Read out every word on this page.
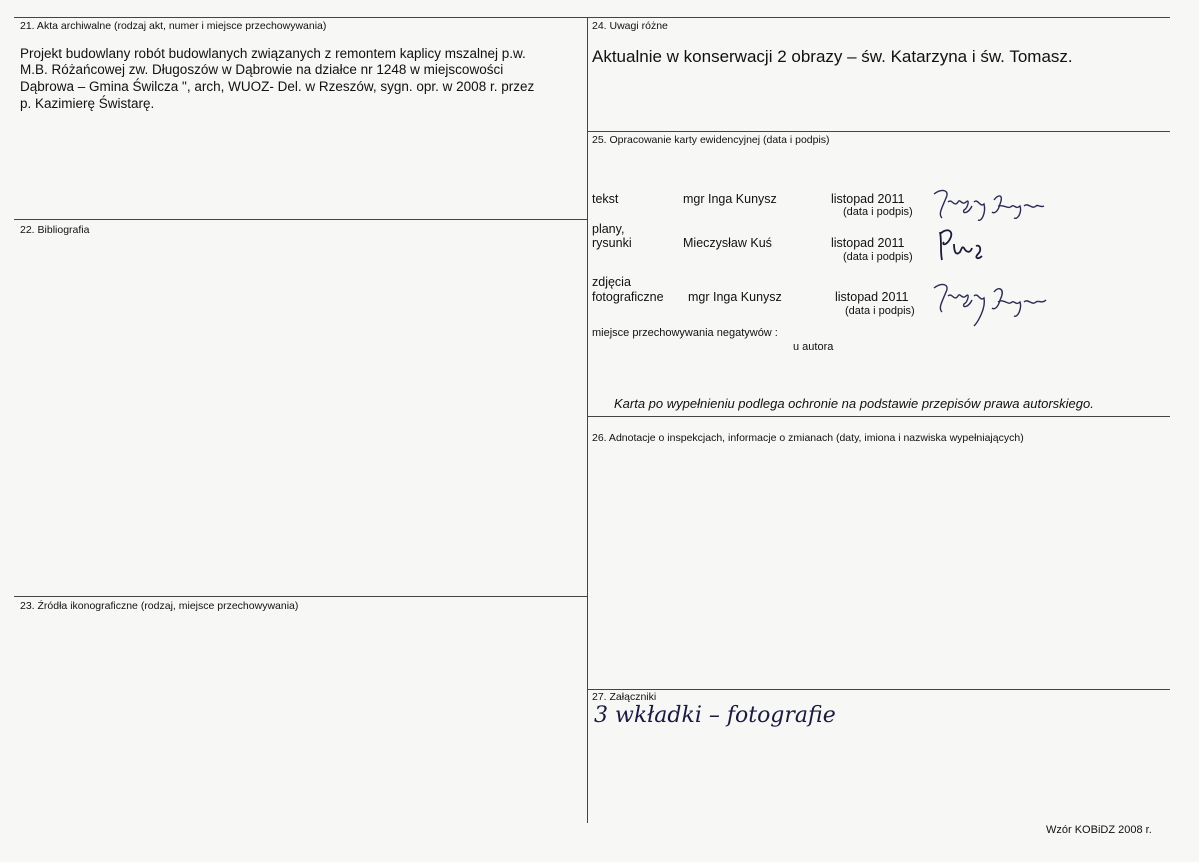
21. Akta archiwalne (rodzaj akt, numer i miejsce przechowywania)
Projekt budowlany robót budowlanych związanych z remontem kaplicy mszalnej p.w.
M.B. Różańcowej zw. Długoszów w Dąbrowie na działce nr 1248 w miejscowości
Dąbrowa – Gmina Świlcza ", arch, WUOZ- Del. w Rzeszów, sygn. opr. w 2008 r. przez
p. Kazimierę Świstarę.
22. Bibliografia
23. Źródła ikonograficzne (rodzaj, miejsce przechowywania)
24. Uwagi różne
Aktualnie w konserwacji 2 obrazy – św. Katarzyna i św. Tomasz.
25. Opracowanie karty ewidencyjnej (data i podpis)
tekst	mgr Inga Kunysz	listopad 2011
(data i podpis)
plany,
rysunki	Mieczysław Kuś	listopad 2011
(data i podpis)
zdjęcia
fotograficzne mgr Inga Kunysz	listopad 2011
(data i podpis)
miejsce przechowywania negatywów :
u autora
Karta po wypełnieniu podlega ochronie na podstawie przepisów prawa autorskiego.
26. Adnotacje o inspekcjach, informacje o zmianach (daty, imiona i nazwiska wypełniających)
27. Załączniki
3 wkładki – fotografie
Wzór KOBiDZ 2008 r.
